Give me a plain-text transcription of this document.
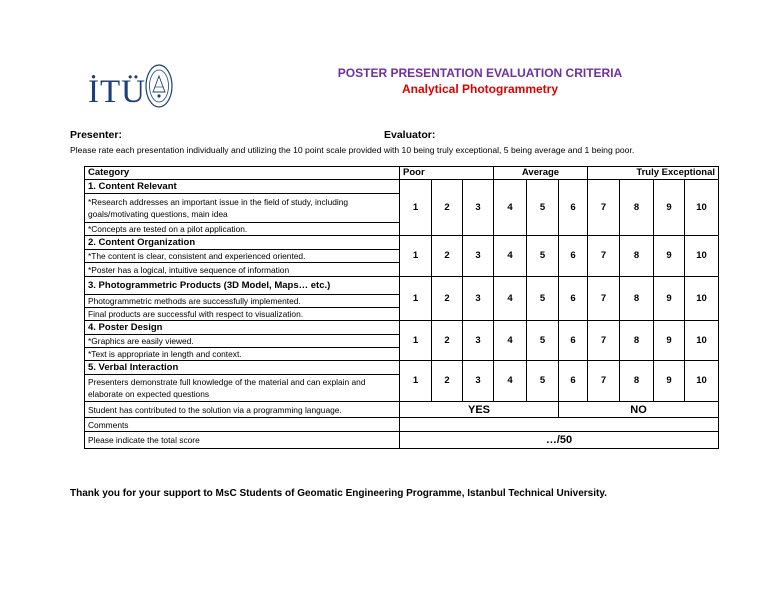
İTÜ
POSTER PRESENTATION EVALUATION CRITERIA
Analytical Photogrammetry
Presenter:	Evaluator:
Please rate each presentation individually and utilizing the 10 point scale provided with 10 being truly exceptional, 5 being average and 1 being poor.
Category	Poor			Average			Truly Exceptional			
1. Content Relevant	1	2	3	4	5	6	7	8	9	10
*Research addresses an important issue in the field of study, including goals/motivating questions, main idea										
*Concepts are tested on a pilot application.										
2. Content Organization	1	2	3	4	5	6	7	8	9	10
*The content is clear, consistent and experienced oriented.										
*Poster has a logical, intuitive sequence of information										
3. Photogrammetric Products (3D Model, Maps… etc.)	1	2	3	4	5	6	7	8	9	10
Photogrammetric methods are successfully implemented.										
Final products are successful with respect to visualization.										
4. Poster Design	1	2	3	4	5	6	7	8	9	10
*Graphics are easily viewed.										
*Text is appropriate in length and context.										
5. Verbal Interaction	1	2	3	4	5	6	7	8	9	10
Presenters demonstrate full knowledge of the material and can explain and elaborate on expected questions										
Student has contributed to the solution via a programming language.	YES					NO				
Comments										
Please indicate the total score	…/50									
Thank you for your support to MsC Students of Geomatic Engineering Programme, Istanbul Technical University.
